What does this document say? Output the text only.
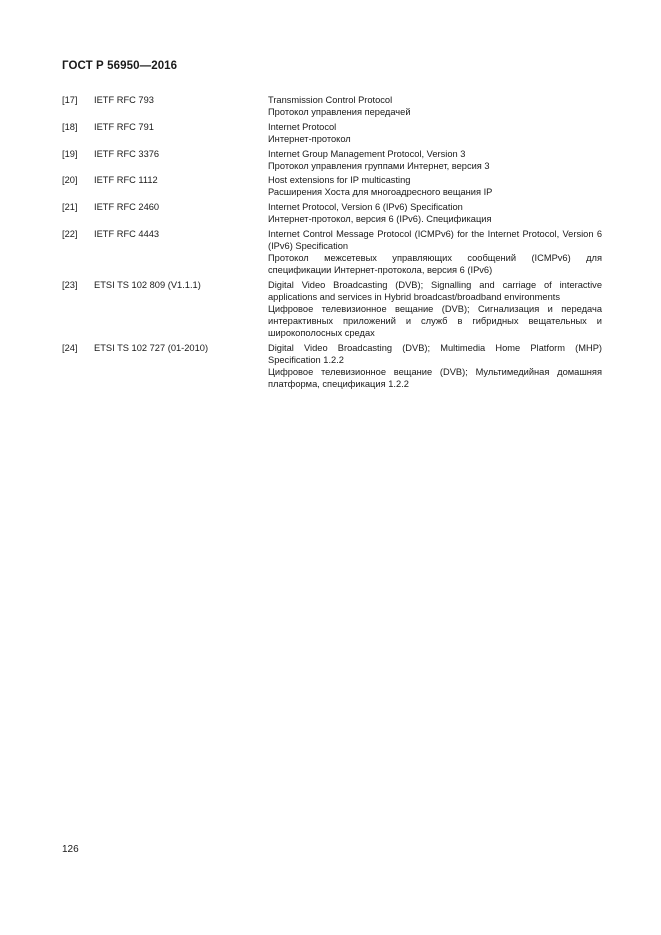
ГОСТ Р 56950—2016
[17]	IETF RFC 793	Transmission Control Protocol
Протокол управления передачей
[18]	IETF RFC 791	Internet Protocol
Интернет-протокол
[19]	IETF RFC 3376	Internet Group Management Protocol, Version 3
Протокол управления группами Интернет, версия 3
[20]	IETF RFC 1112	Host extensions for IP multicasting
Расширения Хоста для многоадресного вещания IP
[21]	IETF RFC 2460	Internet Protocol, Version 6 (IPv6) Specification
Интернет-протокол, версия 6 (IPv6). Спецификация
[22]	IETF RFC 4443	Internet Control Message Protocol (ICMPv6) for the Internet Protocol, Version 6 (IPv6) Specification
Протокол межсетевых управляющих сообщений (ICMPv6) для спецификации Интернет-протокола, версия 6 (IPv6)
[23]	ETSI TS 102 809 (V1.1.1)	Digital Video Broadcasting (DVB); Signalling and carriage of interactive applications and services in Hybrid broadcast/broadband environments
Цифровое телевизионное вещание (DVB); Сигнализация и передача интерактивных приложений и служб в гибридных вещательных и широкополосных средах
[24]	ETSI TS 102 727 (01-2010)	Digital Video Broadcasting (DVB); Multimedia Home Platform (MHP) Specification 1.2.2
Цифровое телевизионное вещание (DVB); Мультимедийная домашняя платформа, спецификация 1.2.2
126
